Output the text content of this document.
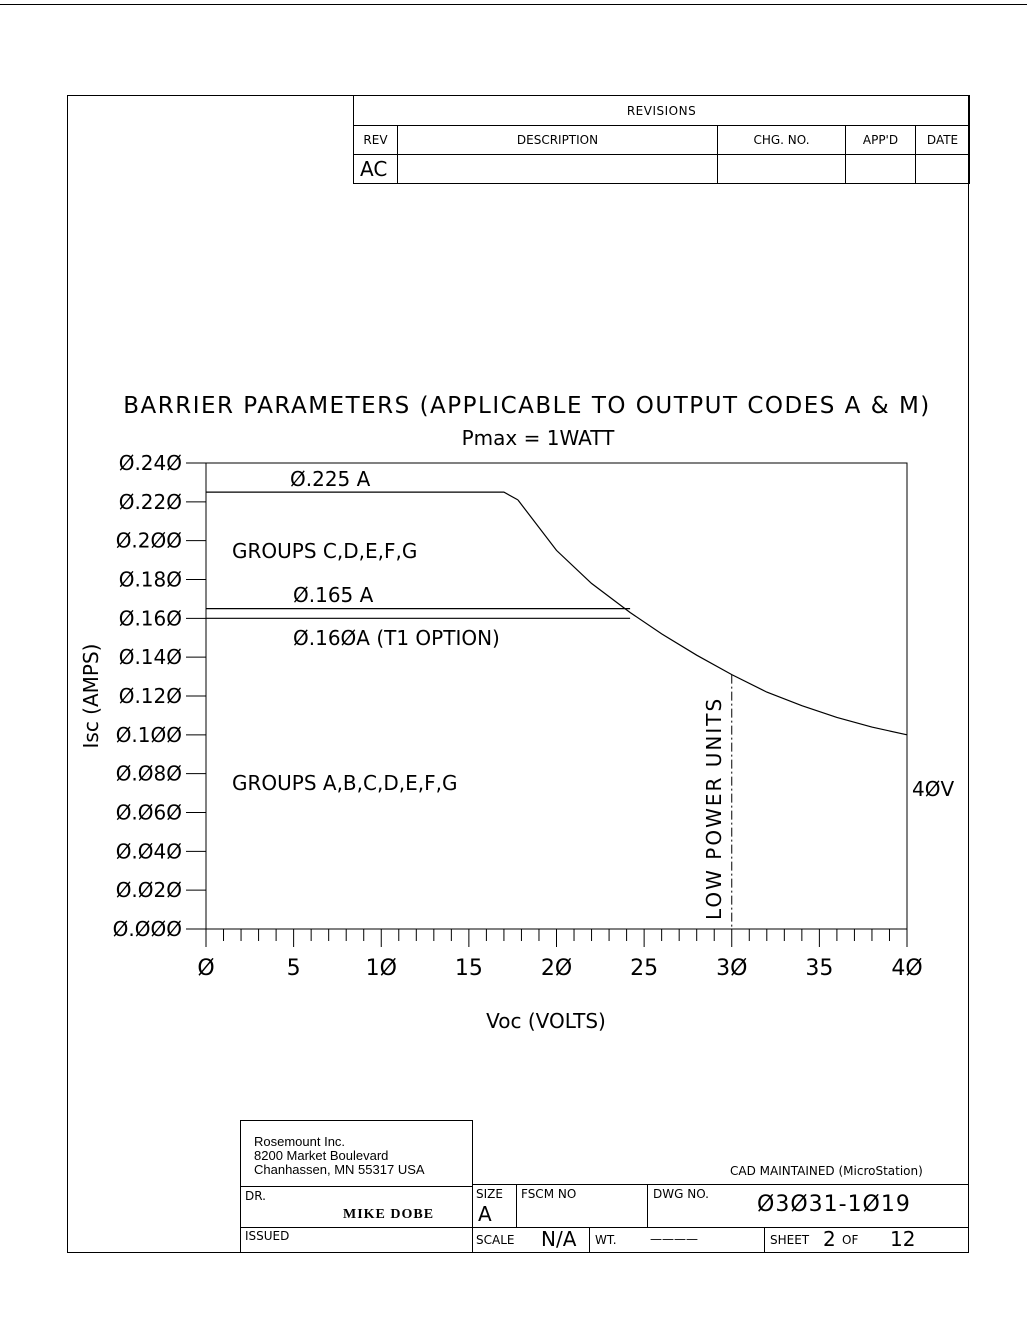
REVISIONS				
REV	DESCRIPTION	CHG. NO.	APP'D	DATE
AC				
BARRIER PARAMETERS (APPLICABLE TO OUTPUT CODES A & M)
Pmax = 1WATT
Ø.ØØØ
Ø.Ø2Ø
Ø.Ø4Ø
Ø.Ø6Ø
Ø.Ø8Ø
Ø.1ØØ
Ø.12Ø
Ø.14Ø
Ø.16Ø
Ø.18Ø
Ø.2ØØ
Ø.22Ø
Ø.24Ø
Ø	5	1Ø	15	2Ø	25	3Ø	35	4Ø
Ø.225 A
GROUPS C,D,E,F,G
Ø.165 A
Ø.16ØA (T1 OPTION)
GROUPS A,B,C,D,E,F,G	4ØV
LOW POWER UNITS
Isc (AMPS)
Voc (VOLTS)
Rosemount Inc.
8200 Market Boulevard
Chanhassen, MN 55317 USA	CAD MAINTAINED (MicroStation)
DR.
MIKE DOBE
ISSUED
SIZE
A
FSCM NO	DWG NO. Ø3Ø31-1Ø19
SCALE N/A WT.	————	SHEET 2 OF 12
